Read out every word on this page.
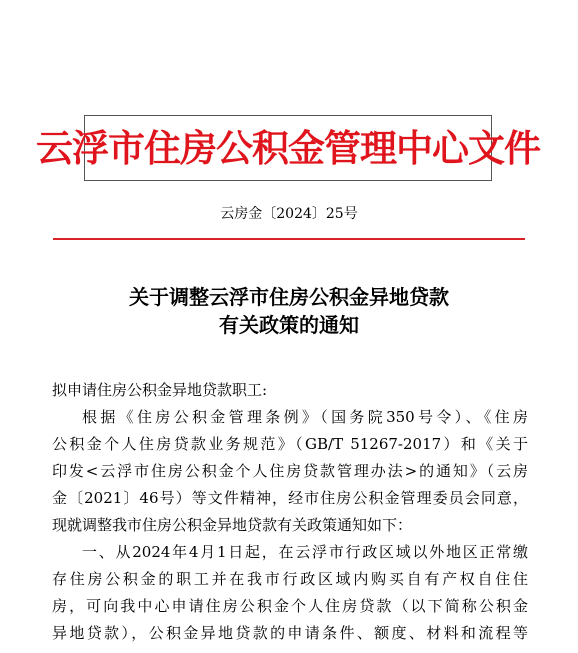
云浮市住房公积金管理中心文件
云房金〔2024〕25号
关于调整云浮市住房公积金异地贷款
有关政策的通知
拟申请住房公积金异地贷款职工:
根据《住房公积金管理条例》（国务院350号令）、《住房
公积金个人住房贷款业务规范》（GB/T 51267-2017）和《关于
印发<云浮市住房公积金个人住房贷款管理办法>的通知》（云房
金〔2021〕46号）等文件精神，经市住房公积金管理委员会同意，
现就调整我市住房公积金异地贷款有关政策通知如下：
一、从2024年4月1日起，在云浮市行政区域以外地区正常缴
存住房公积金的职工并在我市行政区域内购买自有产权自住住
房，可向我中心申请住房公积金个人住房贷款（以下简称公积金
异地贷款），公积金异地贷款的申请条件、额度、材料和流程等
